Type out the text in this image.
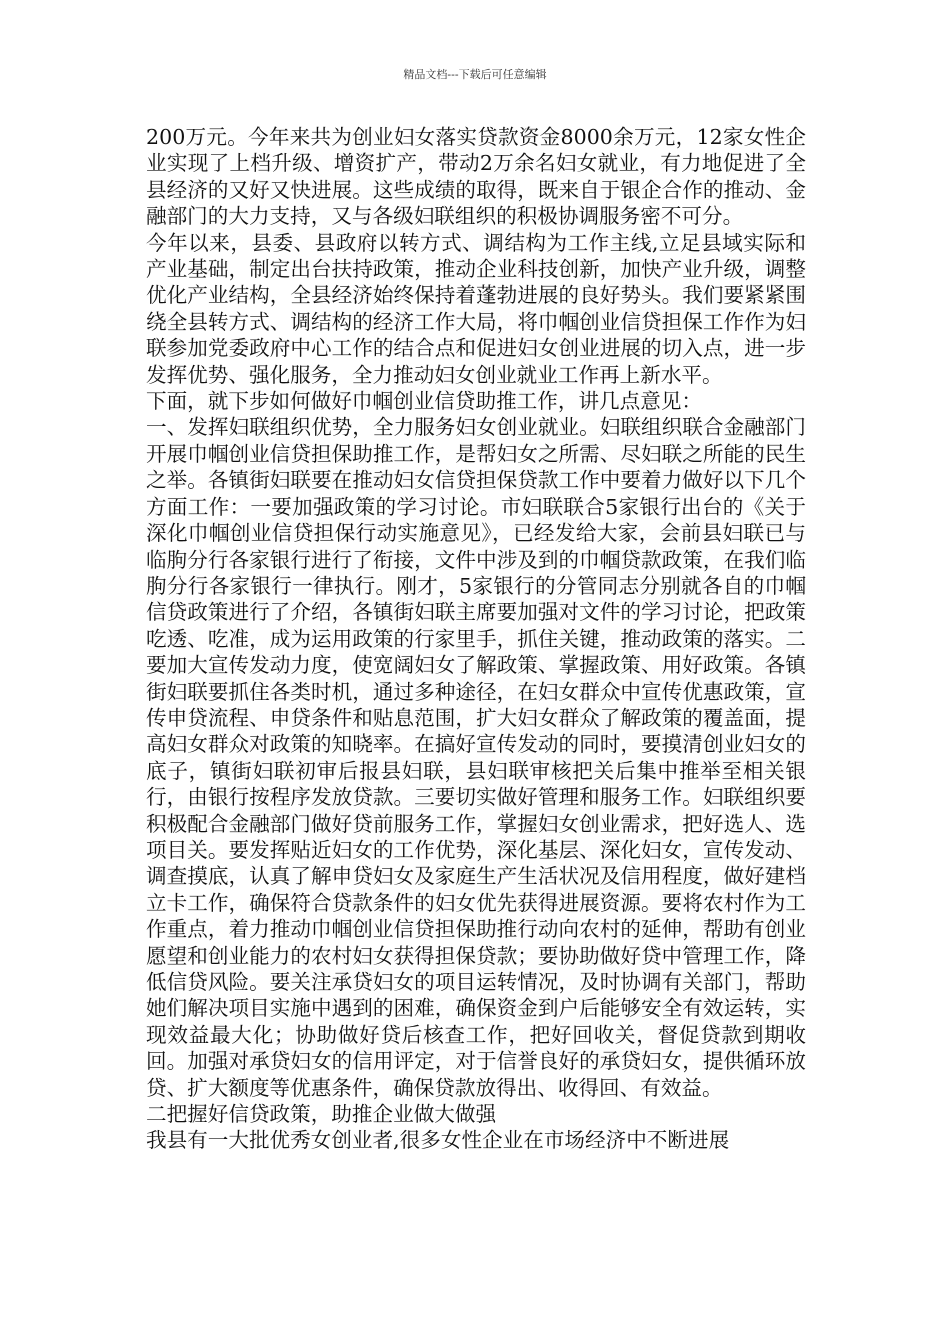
精品文档---下载后可任意编辑

200万元。今年来共为创业妇女落实贷款资金8000余万元，12家女性企业实现了上档升级、增资扩产，带动2万余名妇女就业，有力地促进了全县经济的又好又快进展。这些成绩的取得，既来自于银企合作的推动、金融部门的大力支持，又与各级妇联组织的积极协调服务密不可分。

今年以来，县委、县政府以转方式、调结构为工作主线,立足县域实际和产业基础，制定出台扶持政策，推动企业科技创新，加快产业升级，调整优化产业结构，全县经济始终保持着蓬勃进展的良好势头。我们要紧紧围绕全县转方式、调结构的经济工作大局，将巾帼创业信贷担保工作作为妇联参加党委政府中心工作的结合点和促进妇女创业进展的切入点，进一步发挥优势、强化服务，全力推动妇女创业就业工作再上新水平。

下面，就下步如何做好巾帼创业信贷助推工作，讲几点意见：

一、发挥妇联组织优势，全力服务妇女创业就业。妇联组织联合金融部门开展巾帼创业信贷担保助推工作，是帮妇女之所需、尽妇联之所能的民生之举。各镇街妇联要在推动妇女信贷担保贷款工作中要着力做好以下几个方面工作：一要加强政策的学习讨论。市妇联联合5家银行出台的《关于深化巾帼创业信贷担保行动实施意见》，已经发给大家，会前县妇联已与临朐分行各家银行进行了衔接，文件中涉及到的巾帼贷款政策，在我们临朐分行各家银行一律执行。刚才，5家银行的分管同志分别就各自的巾帼信贷政策进行了介绍，各镇街妇联主席要加强对文件的学习讨论，把政策吃透、吃准，成为运用政策的行家里手，抓住关键，推动政策的落实。二要加大宣传发动力度，使宽阔妇女了解政策、掌握政策、用好政策。各镇街妇联要抓住各类时机，通过多种途径，在妇女群众中宣传优惠政策，宣传申贷流程、申贷条件和贴息范围，扩大妇女群众了解政策的覆盖面，提高妇女群众对政策的知晓率。在搞好宣传发动的同时，要摸清创业妇女的底子，镇街妇联初审后报县妇联，县妇联审核把关后集中推举至相关银行，由银行按程序发放贷款。三要切实做好管理和服务工作。妇联组织要积极配合金融部门做好贷前服务工作，掌握妇女创业需求，把好选人、选项目关。要发挥贴近妇女的工作优势，深化基层、深化妇女，宣传发动、调查摸底，认真了解申贷妇女及家庭生产生活状况及信用程度，做好建档立卡工作，确保符合贷款条件的妇女优先获得进展资源。要将农村作为工作重点，着力推动巾帼创业信贷担保助推行动向农村的延伸，帮助有创业愿望和创业能力的农村妇女获得担保贷款；要协助做好贷中管理工作，降低信贷风险。要关注承贷妇女的项目运转情况，及时协调有关部门，帮助她们解决项目实施中遇到的困难，确保资金到户后能够安全有效运转，实现效益最大化；协助做好贷后核查工作，把好回收关，督促贷款到期收回。加强对承贷妇女的信用评定，对于信誉良好的承贷妇女，提供循环放贷、扩大额度等优惠条件，确保贷款放得出、收得回、有效益。

二把握好信贷政策，助推企业做大做强

我县有一大批优秀女创业者,很多女性企业在市场经济中不断进展
